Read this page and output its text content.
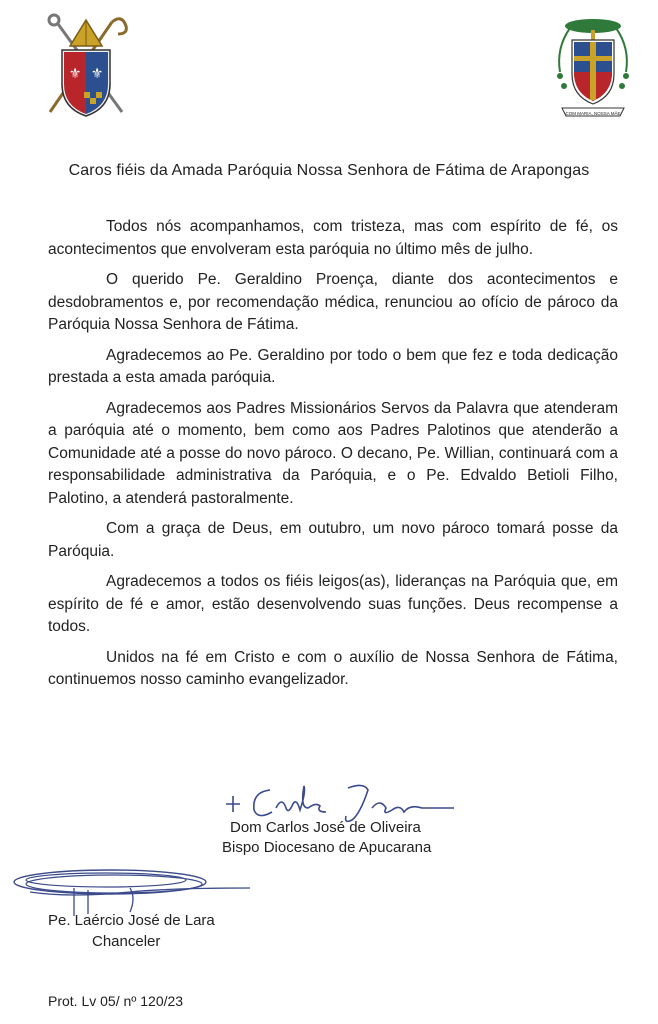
⚜ ⚜
COM MARIA, NOSSA MÃE
Caros fiéis da Amada Paróquia Nossa Senhora de Fátima de Arapongas

Todos nós acompanhamos, com tristeza, mas com espírito de fé, os acontecimentos que envolveram esta paróquia no último mês de julho.

O querido Pe. Geraldino Proença, diante dos acontecimentos e desdobramentos e, por recomendação médica, renunciou ao ofício de pároco da Paróquia Nossa Senhora de Fátima.

Agradecemos ao Pe. Geraldino por todo o bem que fez e toda dedicação prestada a esta amada paróquia.

Agradecemos aos Padres Missionários Servos da Palavra que atenderam a paróquia até o momento, bem como aos Padres Palotinos que atenderão a Comunidade até a posse do novo pároco. O decano, Pe. Willian, continuará com a responsabilidade administrativa da Paróquia, e o Pe. Edvaldo Betioli Filho, Palotino, a atenderá pastoralmente.

Com a graça de Deus, em outubro, um novo pároco tomará posse da Paróquia.

Agradecemos a todos os fiéis leigos(as), lideranças na Paróquia que, em espírito de fé e amor, estão desenvolvendo suas funções. Deus recompense a todos.

Unidos na fé em Cristo e com o auxílio de Nossa Senhora de Fátima, continuemos nosso caminho evangelizador.

Dom Carlos José de Oliveira
Bispo Diocesano de Apucarana
Pe. Laércio José de Lara
Chanceler
Prot. Lv 05/ nº 120/23
